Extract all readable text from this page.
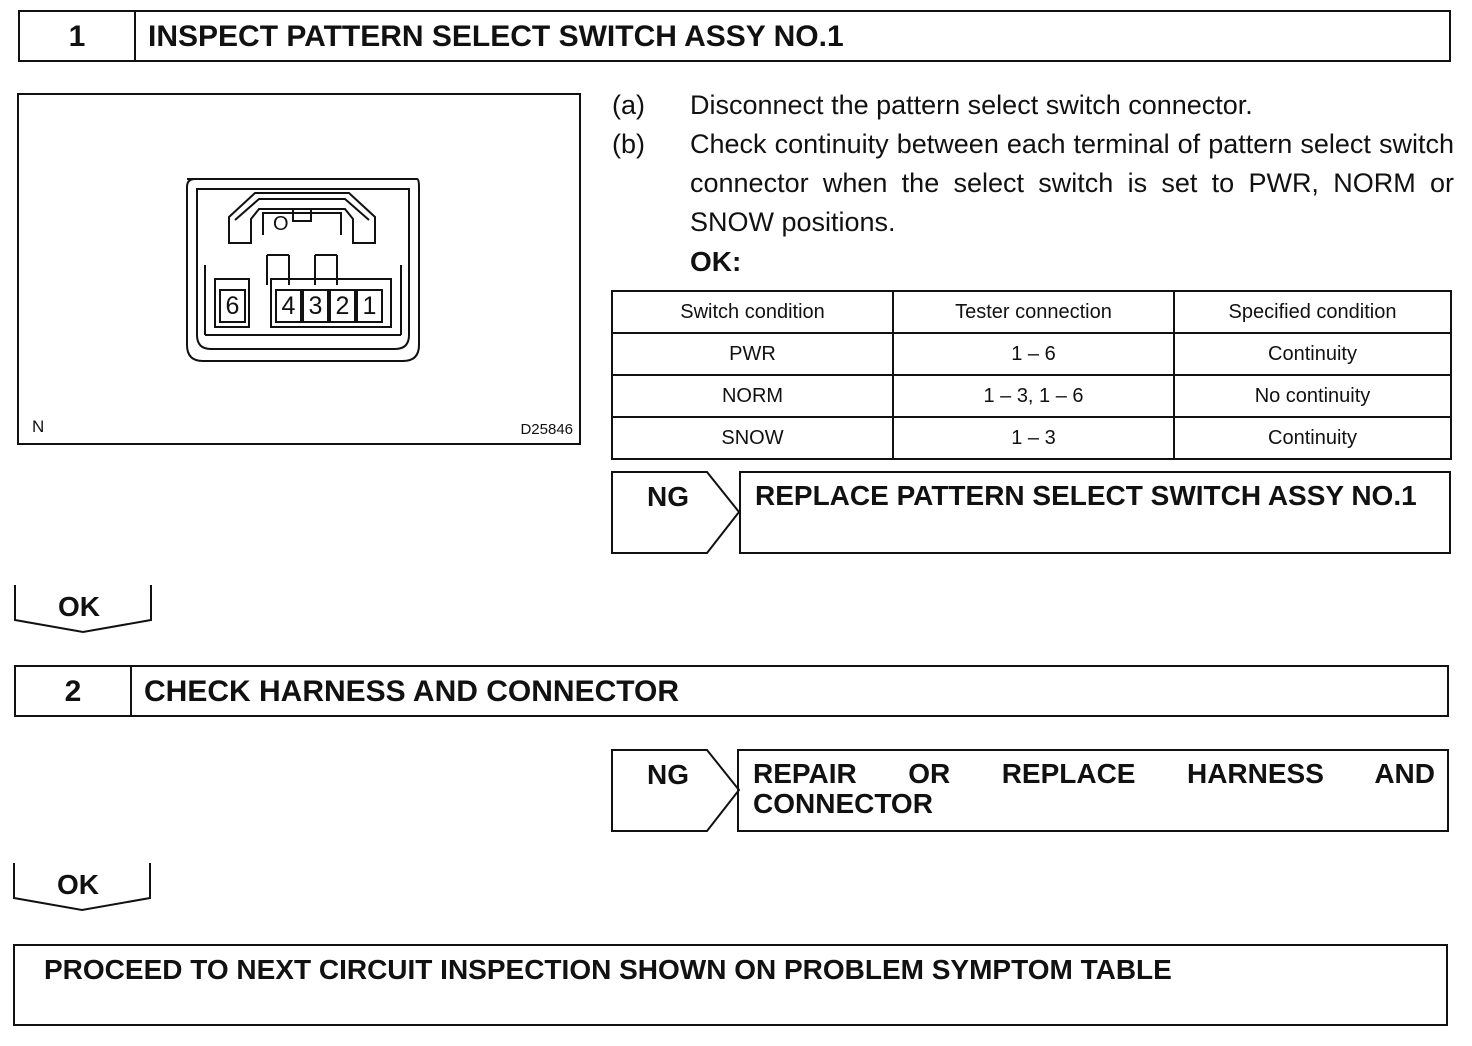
1	INSPECT PATTERN SELECT SWITCH ASSY NO.1
O
6 4 3 2 1
N	D25846
(a)	Disconnect the pattern select switch connector.
(b)	Check continuity between each terminal of pattern select switch connector when the select switch is set to PWR, NORM or SNOW positions.
OK:
Switch condition	Tester connection	Specified condition
PWR	1 – 6	Continuity
NORM	1 – 3, 1 – 6	No continuity
SNOW	1 – 3	Continuity
NG	REPLACE PATTERN SELECT SWITCH ASSY NO.1
OK
2	CHECK HARNESS AND CONNECTOR
NG	REPAIR OR REPLACE HARNESS AND CONNECTOR
OK
PROCEED TO NEXT CIRCUIT INSPECTION SHOWN ON PROBLEM SYMPTOM TABLE
